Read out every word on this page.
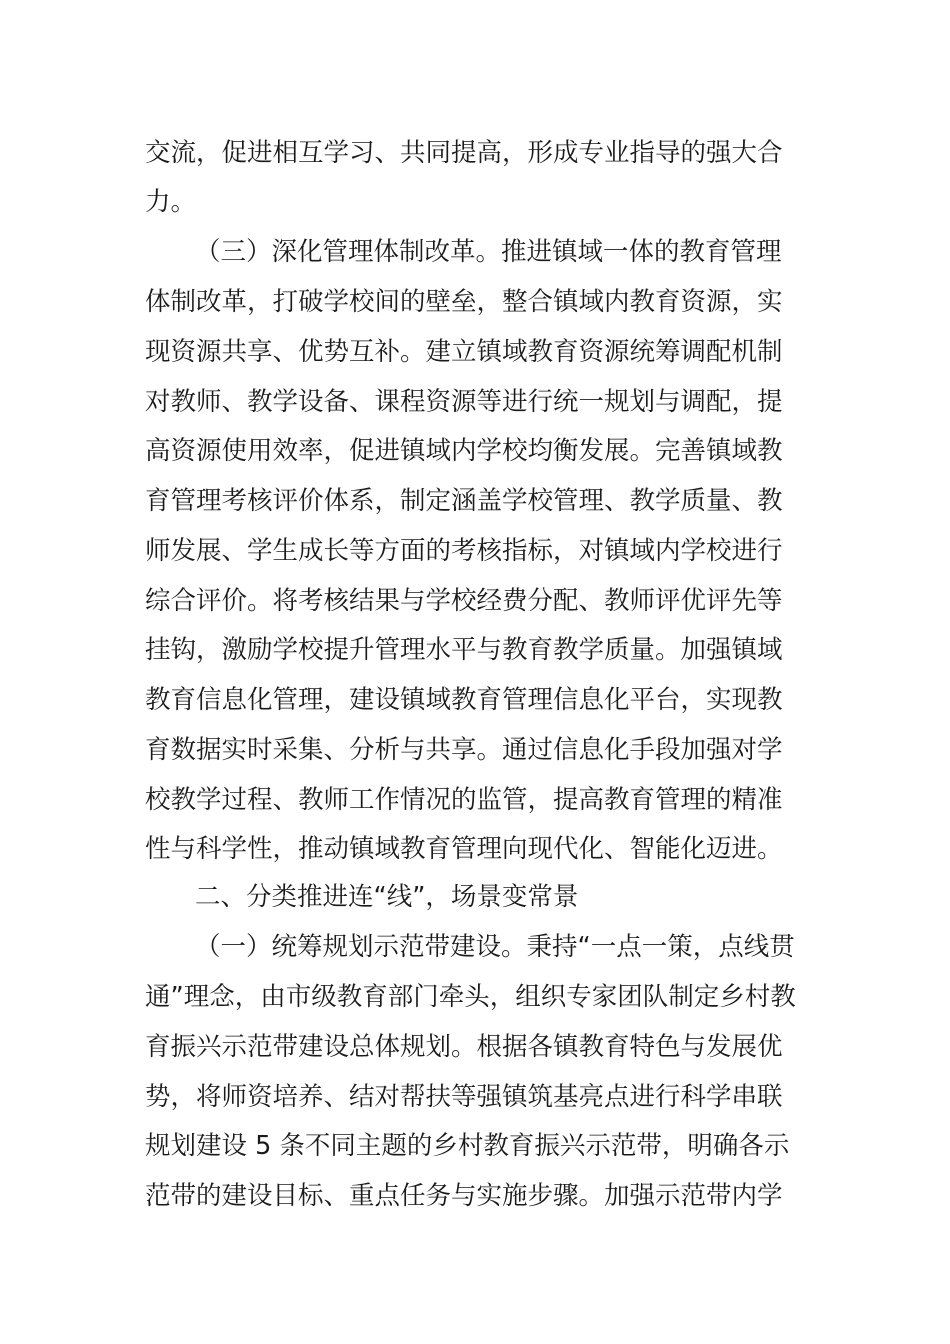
交流，促进相互学习、共同提高，形成专业指导的强大合
力。
（三）深化管理体制改革。推进镇域一体的教育管理
体制改革，打破学校间的壁垒，整合镇域内教育资源，实
现资源共享、优势互补。建立镇域教育资源统筹调配机制
对教师、教学设备、课程资源等进行统一规划与调配，提
高资源使用效率，促进镇域内学校均衡发展。完善镇域教
育管理考核评价体系，制定涵盖学校管理、教学质量、教
师发展、学生成长等方面的考核指标，对镇域内学校进行
综合评价。将考核结果与学校经费分配、教师评优评先等
挂钩，激励学校提升管理水平与教育教学质量。加强镇域
教育信息化管理，建设镇域教育管理信息化平台，实现教
育数据实时采集、分析与共享。通过信息化手段加强对学
校教学过程、教师工作情况的监管，提高教育管理的精准
性与科学性，推动镇域教育管理向现代化、智能化迈进。
二、分类推进连“线”，场景变常景
（一）统筹规划示范带建设。秉持“一点一策，点线贯
通”理念，由市级教育部门牵头，组织专家团队制定乡村教
育振兴示范带建设总体规划。根据各镇教育特色与发展优
势，将师资培养、结对帮扶等强镇筑基亮点进行科学串联
规划建设 5 条不同主题的乡村教育振兴示范带，明确各示
范带的建设目标、重点任务与实施步骤。加强示范带内学
